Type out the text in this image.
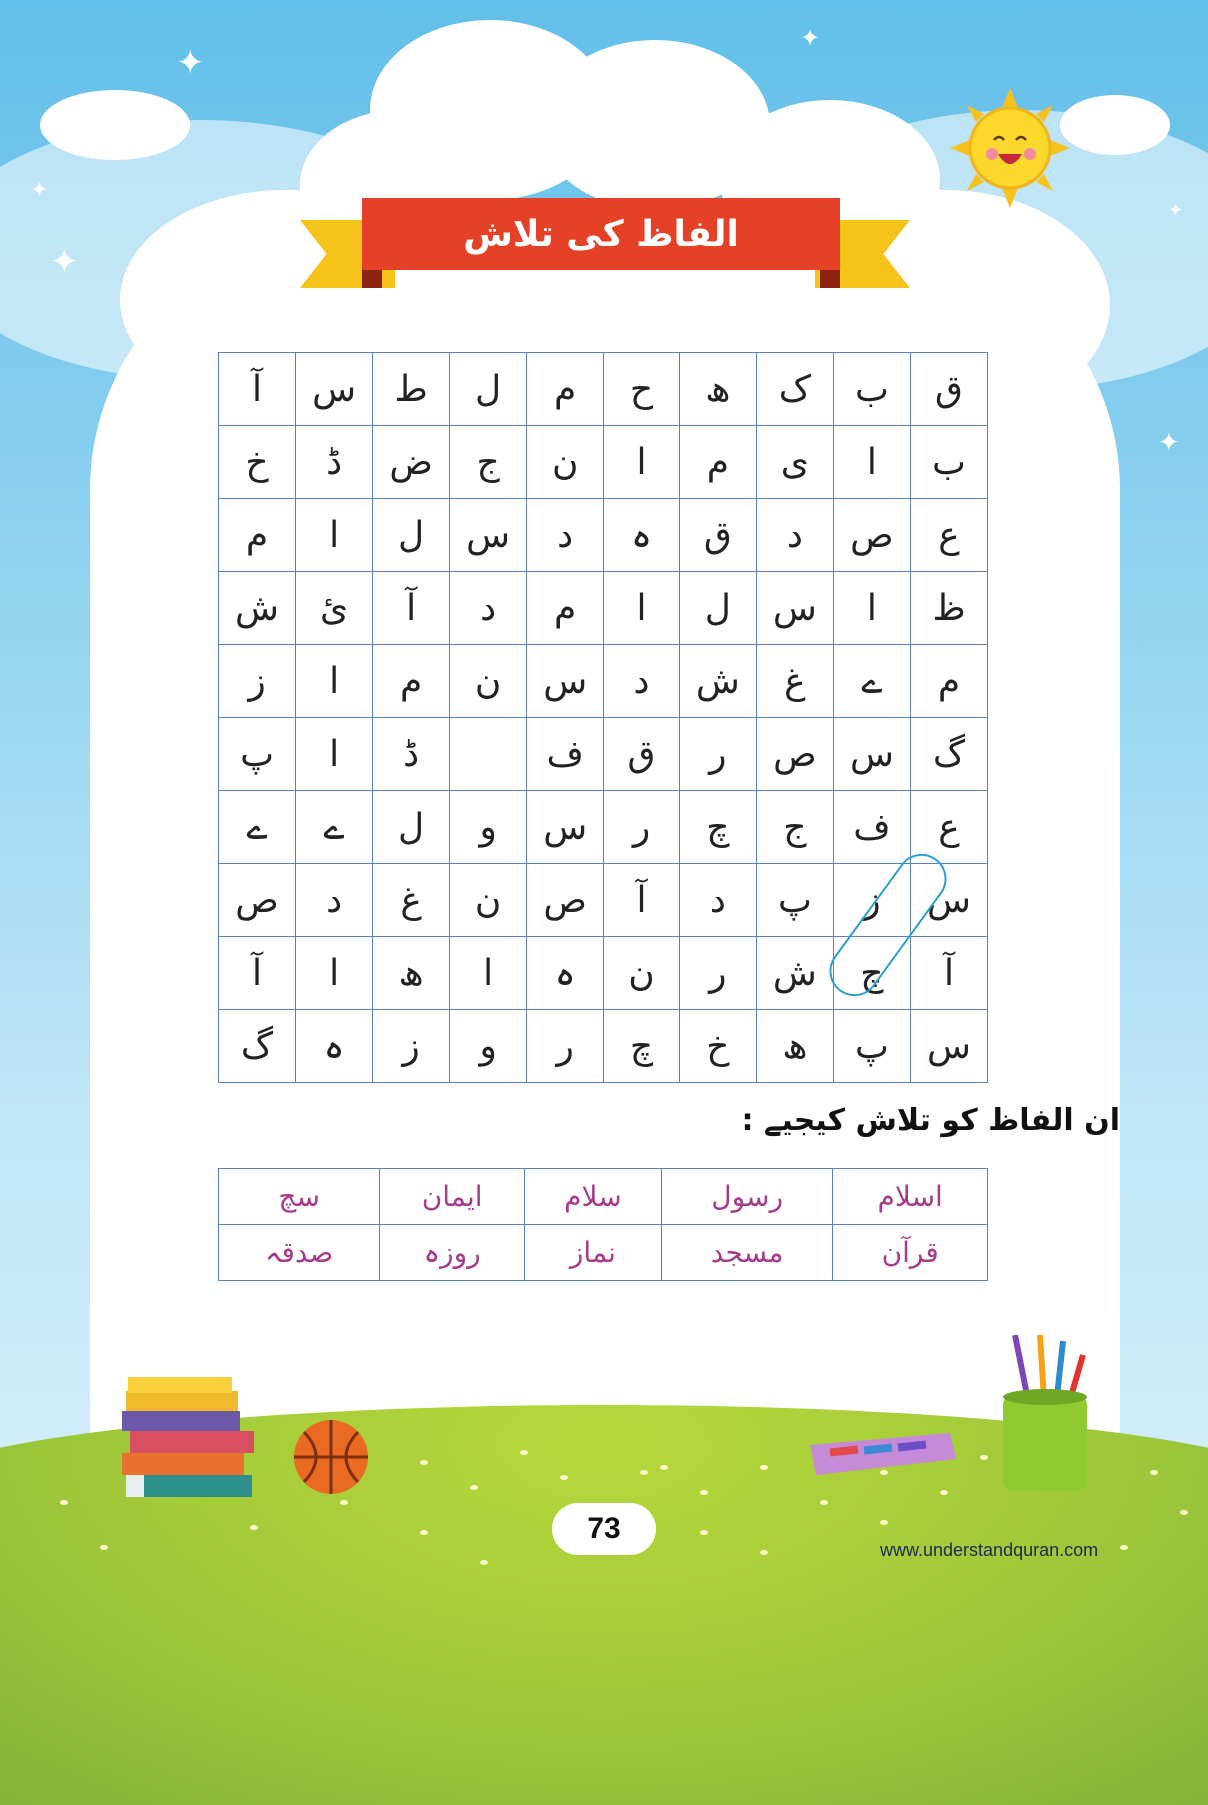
✦
✦	✦
✦
✦
✦
✦
الفاظ کی تلاش
ق	ب	ک	ھ	ح	م	ل	ط	س	آ
ب	ا	ی	م	ا	ن	ج	ض	ڈ	خ
ع	ص	د	ق	ہ	د	س	ل	ا	م
ظ	ا	س	ل	ا	م	د	آ	ئ	ش
م	ے	غ	ش	د	س	ن	م	ا	ز
گ	س	ص	ر	ق	ف		ڈ	ا	پ
ع	ف	ج	چ	ر	س	و	ل	ے	ے
س	ز	پ	د	آ	ص	ن	غ	د	ص
آ	چ	ش	ر	ن	ہ	ا	ھ	ا	آ
س	پ	ھ	خ	چ	ر	و	ز	ہ	گ
ان الفاظ کو تلاش کیجیے :
اسلام	رسول	سلام	ایمان	سچ
قرآن	مسجد	نماز	روزہ	صدقہ
73
www.understandquran.com
